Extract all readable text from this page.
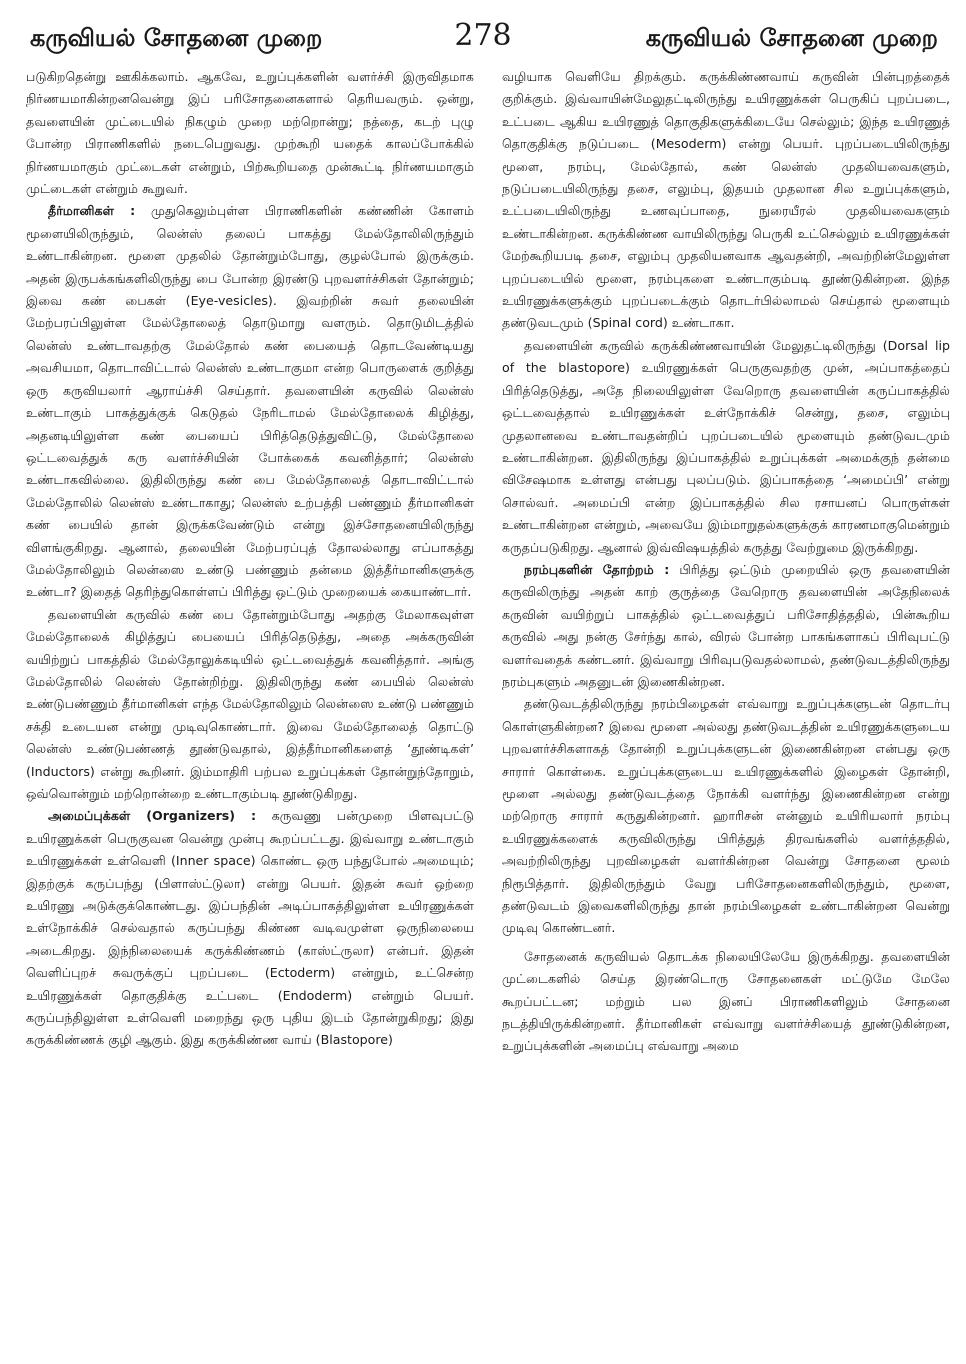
கருவியல் சோதனை முறை	278	கருவியல் சோதனை முறை

படுகிறதென்று ஊகிக்கலாம். ஆகவே, உறுப்புக்களின் வளர்ச்சி இருவிதமாக நிர்ணயமாகின்றனவென்று இப் பரிசோதனைகளால் தெரியவரும். ஒன்று, தவளையின் முட்டையில் நிகழும் முறை மற்றொன்று; நத்தை, கடற் புழு போன்ற பிராணிகளில் நடைபெறுவது. முற்கூறி யதைக் காலப்போக்கில் நிர்ணயமாகும் முட்டைகள் என்றும், பிற்கூறியதை முன்கூட்டி நிர்ணயமாகும் முட்டைகள் என்றும் கூறுவர்.

தீர்மானிகள் : முதுகெலும்புள்ள பிராணிகளின் கண்ணின் கோளம் மூளையிலிருந்தும், லென்ஸ் தலைப் பாகத்து மேல்தோலிலிருந்தும் உண்டாகின்றன. மூளை முதலில் தோன்றும்போது, குழல்போல் இருக்கும். அதன் இருபக்கங்களிலிருந்து பை போன்ற இரண்டு புறவளர்ச்சிகள் தோன்றும்; இவை கண் பைகள் (Eye-vesicles). இவற்றின் சுவர் தலையின் மேற்பரப்பிலுள்ள மேல்தோலைத் தொடுமாறு வளரும். தொடுமிடத்தில் லென்ஸ் உண்டாவதற்கு மேல்தோல் கண் பையைத் தொடவேண்டியது அவசியமா, தொடாவிட்டால் லென்ஸ் உண்டாகுமா என்ற பொருளைக் குறித்து ஒரு கருவியலார் ஆராய்ச்சி செய்தார். தவளையின் கருவில் லென்ஸ் உண்டாகும் பாகத்துக்குக் கெடுதல் நேரிடாமல் மேல்தோலைக் கிழித்து, அதனடியிலுள்ள கண் பையைப் பிரித்தெடுத்துவிட்டு, மேல்தோலை ஒட்டவைத்துக் கரு வளர்ச்சியின் போக்கைக் கவனித்தார்; லென்ஸ் உண்டாகவில்லை. இதிலிருந்து கண் பை மேல்தோலைத் தொடாவிட்டால் மேல்தோலில் லென்ஸ் உண்டாகாது; லென்ஸ் உற்பத்தி பண்ணும் தீர்மானிகள் கண் பையில் தான் இருக்கவேண்டும் என்று இச்சோதனையிலிருந்து விளங்குகிறது. ஆனால், தலையின் மேற்பரப்புத் தோலல்லாது எப்பாகத்து மேல்தோலிலும் லென்ஸை உண்டு பண்ணும் தன்மை இத்தீர்மானிகளுக்கு உண்டா? இதைத் தெரிந்துகொள்ளப் பிரித்து ஒட்டும் முறையைக் கையாண்டார்.

தவளையின் கருவில் கண் பை தோன்றும்போது அதற்கு மேலாகவுள்ள மேல்தோலைக் கிழித்துப் பையைப் பிரித்தெடுத்து, அதை அக்கருவின் வயிற்றுப் பாகத்தில் மேல்தோலுக்கடியில் ஒட்டவைத்துக் கவனித்தார். அங்கு மேல்தோலில் லென்ஸ் தோன்றிற்று. இதிலிருந்து கண் பையில் லென்ஸ் உண்டுபண்ணும் தீர்மானிகள் எந்த மேல்தோலிலும் லென்ஸை உண்டு பண்ணும் சக்தி உடையன என்று முடிவுகொண்டார். இவை மேல்தோலைத் தொட்டு லென்ஸ் உண்டுபண்ணத் தூண்டுவதால், இத்தீர்மானிகளைத் ‘தூண்டிகள்’ (Inductors) என்று கூறினர். இம்மாதிரி பற்பல உறுப்புக்கள் தோன்றுந்தோறும், ஒவ்வொன்றும் மற்றொன்றை உண்டாகும்படி தூண்டுகிறது.

அமைப்புக்கள் (Organizers) : கருவணு பன்முறை பிளவுபட்டு உயிரணுக்கள் பெருகுவன வென்று முன்பு கூறப்பட்டது. இவ்வாறு உண்டாகும் உயிரணுக்கள் உள்வெளி (Inner space) கொண்ட ஒரு பந்துபோல் அமையும்; இதற்குக் கருப்பந்து (பிளாஸ்ட்டுலா) என்று பெயர். இதன் சுவர் ஒற்றை உயிரணு அடுக்குக்கொண்டது. இப்பந்தின் அடிப்பாகத்திலுள்ள உயிரணுக்கள் உள்நோக்கிச் செல்வதால் கருப்பந்து கிண்ண வடிவமுள்ள ஒருநிலையை அடைகிறது. இந்நிலையைக் கருக்கிண்ணம் (காஸ்ட்ருலா) என்பர். இதன் வெளிப்புறச் சுவருக்குப் புறப்படை (Ectoderm) என்றும், உட்சென்ற உயிரணுக்கள் தொகுதிக்கு உட்படை (Endoderm) என்றும் பெயர். கருப்பந்திலுள்ள உள்வெளி மறைந்து ஒரு புதிய இடம் தோன்றுகிறது; இது கருக்கிண்ணக் குழி ஆகும். இது கருக்கிண்ண வாய் (Blastopore)

வழியாக வெளியே திறக்கும். கருக்கிண்ணவாய் கருவின் பின்புறத்தைக் குறிக்கும். இவ்வாயின்மேலுதட்டிலிருந்து உயிரணுக்கள் பெருகிப் புறப்படை, உட்படை ஆகிய உயிரணுத் தொகுதிகளுக்கிடையே செல்லும்; இந்த உயிரணுத் தொகுதிக்கு நடுப்படை (Mesoderm) என்று பெயர். புறப்படையிலிருந்து மூளை, நரம்பு, மேல்தோல், கண் லென்ஸ் முதலியவைகளும், நடுப்படையிலிருந்து தசை, எலும்பு, இதயம் முதலான சில உறுப்புக்களும், உட்படையிலிருந்து உணவுப்பாதை, நுரையீரல் முதலியவைகளும் உண்டாகின்றன. கருக்கிண்ண வாயிலிருந்து பெருகி உட்செல்லும் உயிரணுக்கள் மேற்கூறியபடி தசை, எலும்பு முதலியனவாக ஆவதன்றி, அவற்றின்மேலுள்ள புறப்படையில் மூளை, நரம்புகளை உண்டாகும்படி தூண்டுகின்றன. இந்த உயிரணுக்களுக்கும் புறப்படைக்கும் தொடர்பில்லாமல் செய்தால் மூளையும் தண்டுவடமும் (Spinal cord) உண்டாகா.

தவளையின் கருவில் கருக்கிண்ணவாயின் மேலுதட்டிலிருந்து (Dorsal lip of the blastopore) உயிரணுக்கள் பெருகுவதற்கு முன், அப்பாகத்தைப் பிரித்தெடுத்து, அதே நிலையிலுள்ள வேறொரு தவளையின் கருப்பாகத்தில் ஒட்டவைத்தால் உயிரணுக்கள் உள்நோக்கிச் சென்று, தசை, எலும்பு முதலானவை உண்டாவதன்றிப் புறப்படையில் மூளையும் தண்டுவடமும் உண்டாகின்றன. இதிலிருந்து இப்பாகத்தில் உறுப்புக்கள் அமைக்குந் தன்மை விசேஷமாக உள்ளது என்பது புலப்படும். இப்பாகத்தை ‘அமைப்பி’ என்று சொல்வர். அமைப்பி என்ற இப்பாகத்தில் சில ரசாயனப் பொருள்கள் உண்டாகின்றன என்றும், அவையே இம்மாறுதல்களுக்குக் காரணமாகுமென்றும் கருதப்படுகிறது. ஆனால் இவ்விஷயத்தில் கருத்து வேற்றுமை இருக்கிறது.

நரம்புகளின் தோற்றம் : பிரித்து ஒட்டும் முறையில் ஒரு தவளையின் கருவிலிருந்து அதன் காற் குருத்தை வேறொரு தவளையின் அதேநிலைக் கருவின் வயிற்றுப் பாகத்தில் ஒட்டவைத்துப் பரிசோதித்ததில், பின்கூறிய கருவில் அது நன்கு சேர்ந்து கால், விரல் போன்ற பாகங்களாகப் பிரிவுபட்டு வளர்வதைக் கண்டனர். இவ்வாறு பிரிவுபடுவதல்லாமல், தண்டுவடத்திலிருந்து நரம்புகளும் அதனுடன் இணைகின்றன.

தண்டுவடத்திலிருந்து நரம்பிழைகள் எவ்வாறு உறுப்புக்களுடன் தொடர்பு கொள்ளுகின்றன? இவை மூளை அல்லது தண்டுவடத்தின் உயிரணுக்களுடைய புறவளர்ச்சிகளாகத் தோன்றி உறுப்புக்களுடன் இணைகின்றன என்பது ஒரு சாரார் கொள்கை. உறுப்புக்களுடைய உயிரணுக்களில் இழைகள் தோன்றி, மூளை அல்லது தண்டுவடத்தை நோக்கி வளர்ந்து இணைகின்றன என்று மற்றொரு சாரார் கருதுகின்றனர். ஹாரிசன் என்னும் உயிரியலார் நரம்பு உயிரணுக்களைக் கருவிலிருந்து பிரித்துத் திரவங்களில் வளர்த்ததில், அவற்றிலிருந்து புறவிழைகள் வளர்கின்றன வென்று சோதனை மூலம் நிரூபித்தார். இதிலிருந்தும் வேறு பரிசோதனைகளிலிருந்தும், மூளை, தண்டுவடம் இவைகளிலிருந்து தான் நரம்பிழைகள் உண்டாகின்றன வென்று முடிவு கொண்டனர்.

சோதனைக் கருவியல் தொடக்க நிலையிலேயே இருக்கிறது. தவளையின் முட்டைகளில் செய்த இரண்டொரு சோதனைகள் மட்டுமே மேலே கூறப்பட்டன; மற்றும் பல இனப் பிராணிகளிலும் சோதனை நடத்தியிருக்கின்றனர். தீர்மானிகள் எவ்வாறு வளர்ச்சியைத் தூண்டுகின்றன, உறுப்புக்களின் அமைப்பு எவ்வாறு அமை
